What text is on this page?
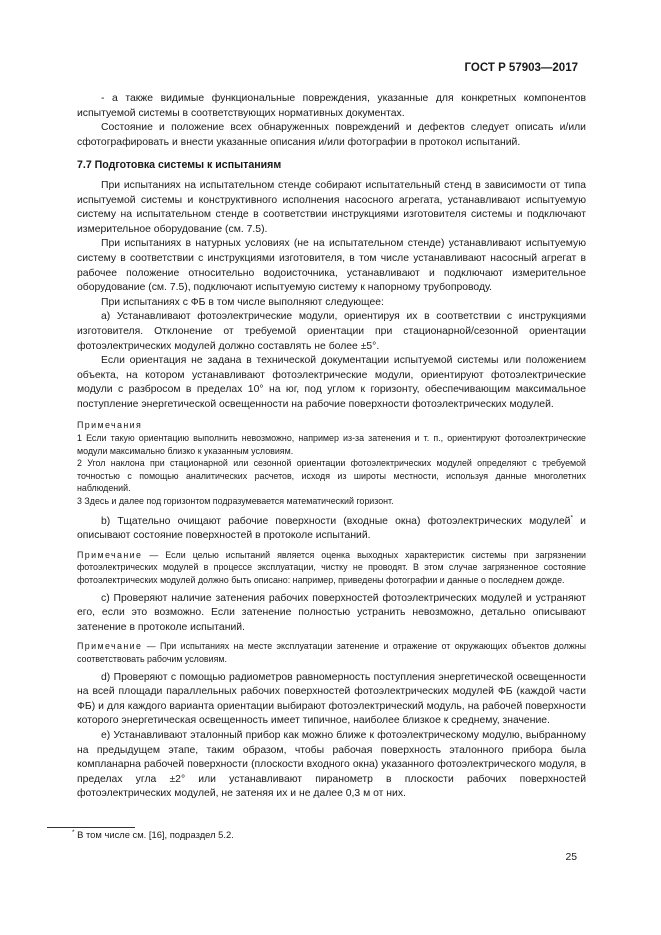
ГОСТ Р 57903—2017

- а также видимые функциональные повреждения, указанные для конкретных компонентов испытуемой системы в соответствующих нормативных документах.

Состояние и положение всех обнаруженных повреждений и дефектов следует описать и/или сфотографировать и внести указанные описания и/или фотографии в протокол испытаний.

7.7 Подготовка системы к испытаниям

При испытаниях на испытательном стенде собирают испытательный стенд в зависимости от типа испытуемой системы и конструктивного исполнения насосного агрегата, устанавливают испытуемую систему на испытательном стенде в соответствии инструкциями изготовителя системы и подключают измерительное оборудование (см. 7.5).

При испытаниях в натурных условиях (не на испытательном стенде) устанавливают испытуемую систему в соответствии с инструкциями изготовителя, в том числе устанавливают насосный агрегат в рабочее положение относительно водоисточника, устанавливают и подключают измерительное оборудование (см. 7.5), подключают испытуемую систему к напорному трубопроводу.

При испытаниях с ФБ в том числе выполняют следующее:

a) Устанавливают фотоэлектрические модули, ориентируя их в соответствии с инструкциями изготовителя. Отклонение от требуемой ориентации при стационарной/сезонной ориентации фотоэлектрических модулей должно составлять не более ±5°.

Если ориентация не задана в технической документации испытуемой системы или положением объекта, на котором устанавливают фотоэлектрические модули, ориентируют фотоэлектрические модули с разбросом в пределах 10° на юг, под углом к горизонту, обеспечивающим максимальное поступление энергетической освещенности на рабочие поверхности фотоэлектрических модулей.

Примечания

1 Если такую ориентацию выполнить невозможно, например из-за затенения и т. п., ориентируют фотоэлектрические модули максимально близко к указанным условиям.

2 Угол наклона при стационарной или сезонной ориентации фотоэлектрических модулей определяют с требуемой точностью с помощью аналитических расчетов, исходя из широты местности, используя данные многолетних наблюдений.

3 Здесь и далее под горизонтом подразумевается математический горизонт.

b) Тщательно очищают рабочие поверхности (входные окна) фотоэлектрических модулей* и описывают состояние поверхностей в протоколе испытаний.

Примечание — Если целью испытаний является оценка выходных характеристик системы при загрязнении фотоэлектрических модулей в процессе эксплуатации, чистку не проводят. В этом случае загрязненное состояние фотоэлектрических модулей должно быть описано: например, приведены фотографии и данные о последнем дожде.

c) Проверяют наличие затенения рабочих поверхностей фотоэлектрических модулей и устраняют его, если это возможно. Если затенение полностью устранить невозможно, детально описывают затенение в протоколе испытаний.

Примечание — При испытаниях на месте эксплуатации затенение и отражение от окружающих объектов должны соответствовать рабочим условиям.

d) Проверяют с помощью радиометров равномерность поступления энергетической освещенности на всей площади параллельных рабочих поверхностей фотоэлектрических модулей ФБ (каждой части ФБ) и для каждого варианта ориентации выбирают фотоэлектрический модуль, на рабочей поверхности которого энергетическая освещенность имеет типичное, наиболее близкое к среднему, значение.

e) Устанавливают эталонный прибор как можно ближе к фотоэлектрическому модулю, выбранному на предыдущем этапе, таким образом, чтобы рабочая поверхность эталонного прибора была компланарна рабочей поверхности (плоскости входного окна) указанного фотоэлектрического модуля, в пределах угла ±2° или устанавливают пиранометр в плоскости рабочих поверхностей фотоэлектрических модулей, не затеняя их и не далее 0,3 м от них.

* В том числе см. [16], подраздел 5.2.
25
